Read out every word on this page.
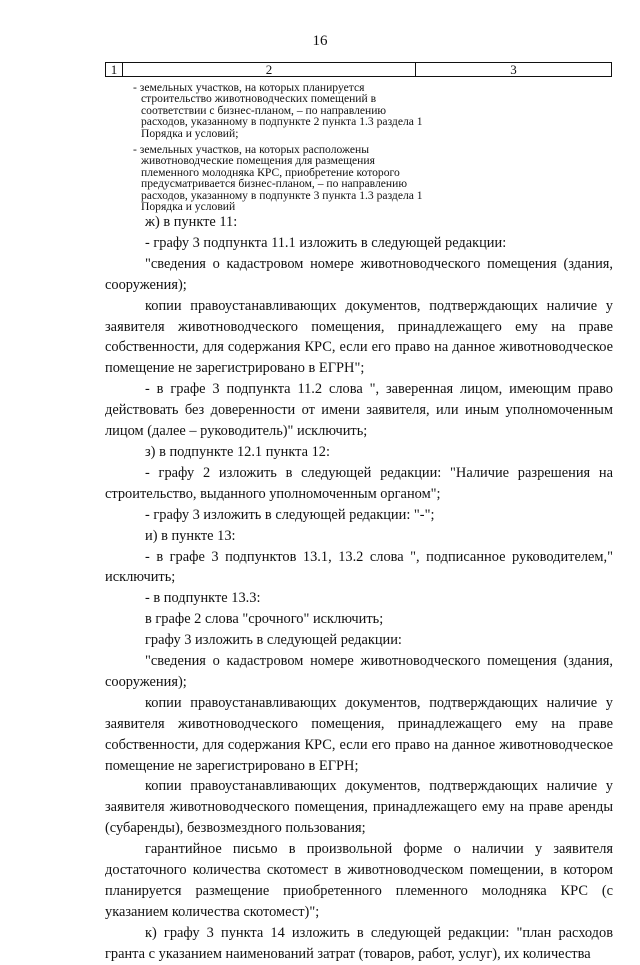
16
1	2	3

- земельных участков, на которых планируется строительство животноводческих помещений в соответствии с бизнес-планом, – по направлению расходов, указанному в подпункте 2 пункта 1.3 раздела 1 Порядка и условий;

- земельных участков, на которых расположены животноводческие помещения для размещения племенного молодняка КРС, приобретение которого предусматривается бизнес-планом, – по направлению расходов, указанному в подпункте 3 пункта 1.3 раздела 1 Порядка и условий

ж) в пункте 11:

- графу 3 подпункта 11.1 изложить в следующей редакции:

"сведения о кадастровом номере животноводческого помещения (здания, сооружения);

копии правоустанавливающих документов, подтверждающих наличие у заявителя животноводческого помещения, принадлежащего ему на праве собственности, для содержания КРС, если его право на данное животноводческое помещение не зарегистрировано в ЕГРН";

- в графе 3 подпункта 11.2 слова ", заверенная лицом, имеющим право действовать без доверенности от имени заявителя, или иным уполномоченным лицом (далее – руководитель)" исключить;

з) в подпункте 12.1 пункта 12:

- графу 2 изложить в следующей редакции: "Наличие разрешения на строительство, выданного уполномоченным органом";

- графу 3 изложить в следующей редакции: "-";

и) в пункте 13:

- в графе 3 подпунктов 13.1, 13.2 слова ", подписанное руководителем," исключить;

- в подпункте 13.3:

в графе 2 слова "срочного" исключить;

графу 3 изложить в следующей редакции:

"сведения о кадастровом номере животноводческого помещения (здания, сооружения);

копии правоустанавливающих документов, подтверждающих наличие у заявителя животноводческого помещения, принадлежащего ему на праве собственности, для содержания КРС, если его право на данное животноводческое помещение не зарегистрировано в ЕГРН;

копии правоустанавливающих документов, подтверждающих наличие у заявителя животноводческого помещения, принадлежащего ему на праве аренды (субаренды), безвозмездного пользования;

гарантийное письмо в произвольной форме о наличии у заявителя достаточного количества скотомест в животноводческом помещении, в котором планируется размещение приобретенного племенного молодняка КРС (с указанием количества скотомест)";

к) графу 3 пункта 14 изложить в следующей редакции: "план расходов гранта с указанием наименований затрат (товаров, работ, услуг), их количества
